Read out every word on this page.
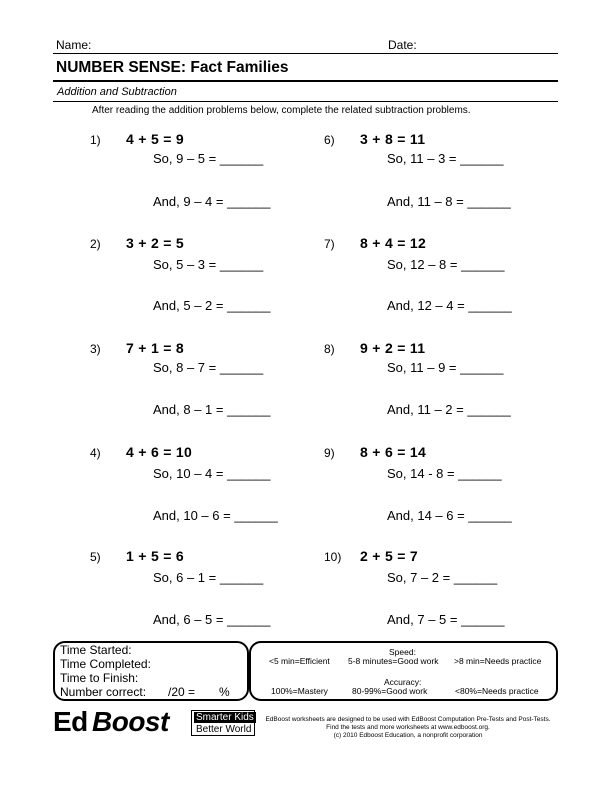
Name:	Date:
NUMBER SENSE: Fact Families
Addition and Subtraction
After reading the addition problems below, complete the related subtraction problems.
1) 4 + 5 = 9
So, 9 – 5 = ______
And, 9 – 4 = ______
2) 3 + 2 = 5
So, 5 – 3 = ______
And, 5 – 2 = ______
3) 7 + 1 = 8
So, 8 – 7 = ______
And, 8 – 1 = ______
4) 4 + 6 = 10
So, 10 – 4 = ______
And, 10 – 6 = ______
5) 1 + 5 = 6
So, 6 – 1 = ______
And, 6 – 5 = ______
6) 3 + 8 = 11
So, 11 – 3 = ______
And, 11 – 8 = ______
7) 8 + 4 = 12
So, 12 – 8 = ______
And, 12 – 4 = ______
8) 9 + 2 = 11
So, 11 – 9 = ______
And, 11 – 2 = ______
9) 8 + 6 = 14
So, 14 - 8 = ______
And, 14 – 6 = ______
10) 2 + 5 = 7
So, 7 – 2 = ______
And, 7 – 5 = ______
Time Started:
Time Completed:
Time to Finish:
Number correct: /20 = %
Speed:
<5 min=Efficient 5-8 minutes=Good work >8 min=Needs practice
Accuracy:
100%=Mastery	80-99%=Good work	<80%=Needs practice
Ed Boost	Smarter Kids
Better World
EdBoost worksheets are designed to be used with EdBoost Computation Pre-Tests and Post-Tests.
Find the tests and more worksheets at www.edboost.org.
(c) 2010 Edboost Education, a nonprofit corporation
